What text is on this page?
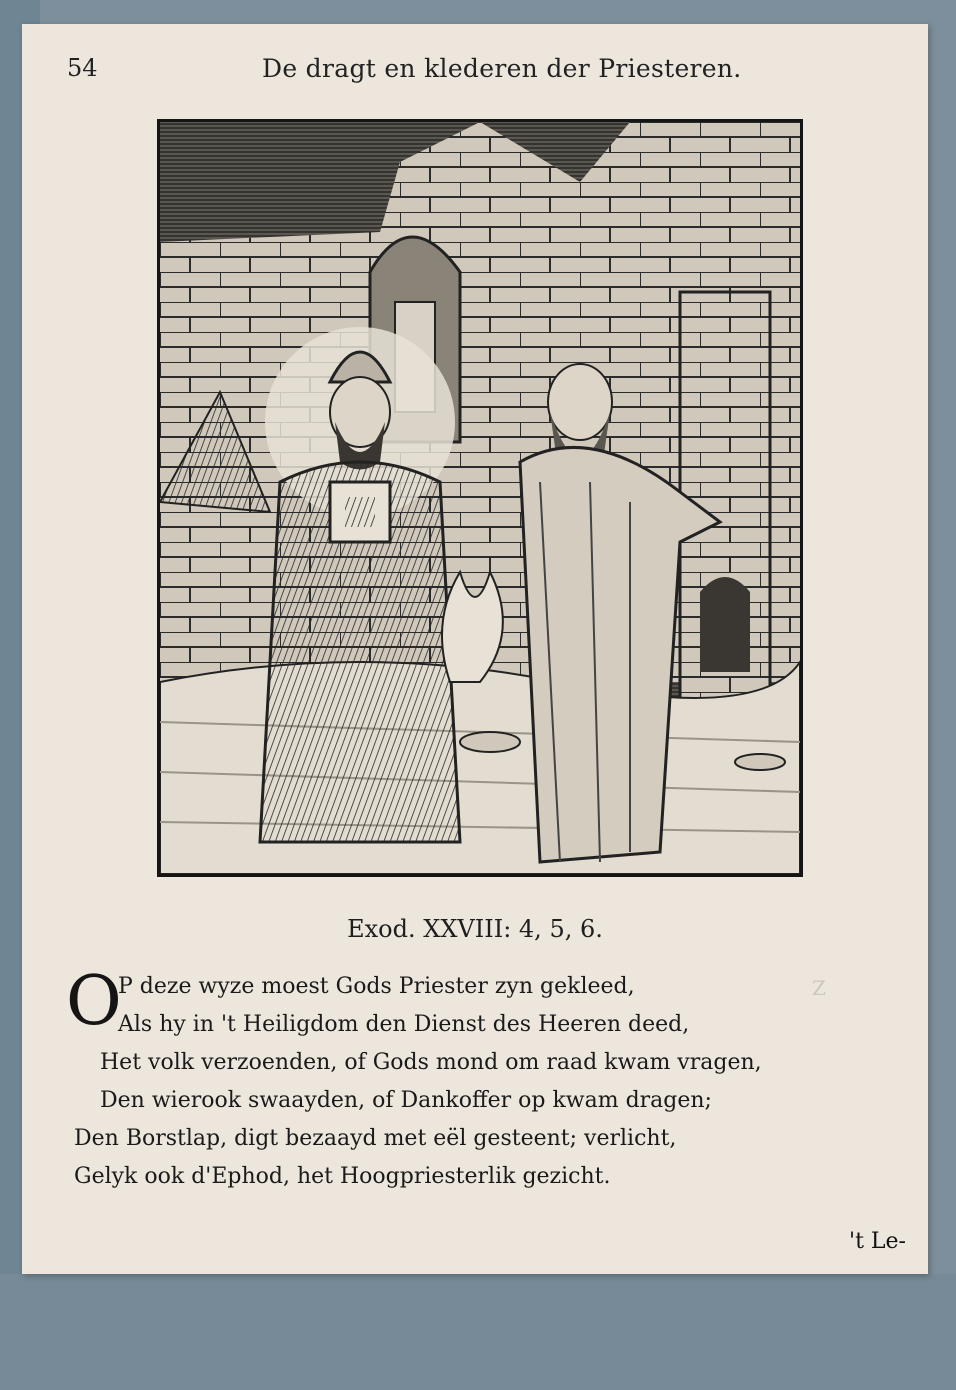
54	De dragt en klederen der Priesteren.
Exod. XXVIII: 4, 5, 6.
Z
O
P deze wyze moest Gods Priester zyn gekleed,
Als hy in 't Heiligdom den Dienst des Heeren deed,
Het volk verzoenden, of Gods mond om raad kwam vragen,
Den wierook swaayden, of Dankoffer op kwam dragen;
Den Borstlap, digt bezaayd met eël gesteent; verlicht,
Gelyk ook d'Ephod, het Hoogpriesterlik gezicht.
't Le-
